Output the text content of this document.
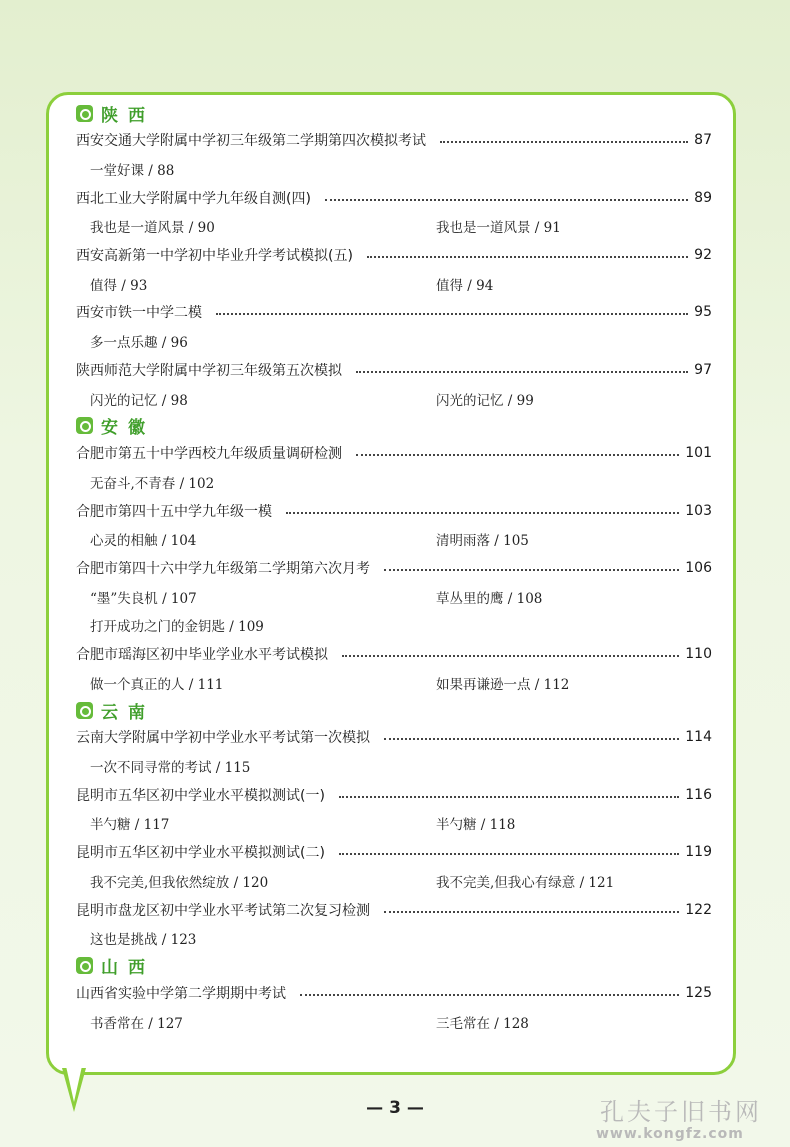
陕西
西安交通大学附属中学初三年级第二学期第四次模拟考试	87
一堂好课 / 88
西北工业大学附属中学九年级自测(四)	89
我也是一道风景 / 90	我也是一道风景 / 91
西安高新第一中学初中毕业升学考试模拟(五)	92
值得 / 93	值得 / 94
西安市铁一中学二模	95
多一点乐趣 / 96
陕西师范大学附属中学初三年级第五次模拟	97
闪光的记忆 / 98	闪光的记忆 / 99
安徽
合肥市第五十中学西校九年级质量调研检测	101
无奋斗,不青春 / 102
合肥市第四十五中学九年级一模	103
心灵的相触 / 104	清明雨落 / 105
合肥市第四十六中学九年级第二学期第六次月考	106
“墨”失良机 / 107	草丛里的鹰 / 108
打开成功之门的金钥匙 / 109
合肥市瑶海区初中毕业学业水平考试模拟	110
做一个真正的人 / 111	如果再谦逊一点 / 112
云南
云南大学附属中学初中学业水平考试第一次模拟	114
一次不同寻常的考试 / 115
昆明市五华区初中学业水平模拟测试(一)	116
半勺糖 / 117	半勺糖 / 118
昆明市五华区初中学业水平模拟测试(二)	119
我不完美,但我依然绽放 / 120	我不完美,但我心有绿意 / 121
昆明市盘龙区初中学业水平考试第二次复习检测	122
这也是挑战 / 123
山西
山西省实验中学第二学期期中考试	125
书香常在 / 127	三毛常在 / 128
— 3 —	孔夫子旧书网
www.kongfz.com
